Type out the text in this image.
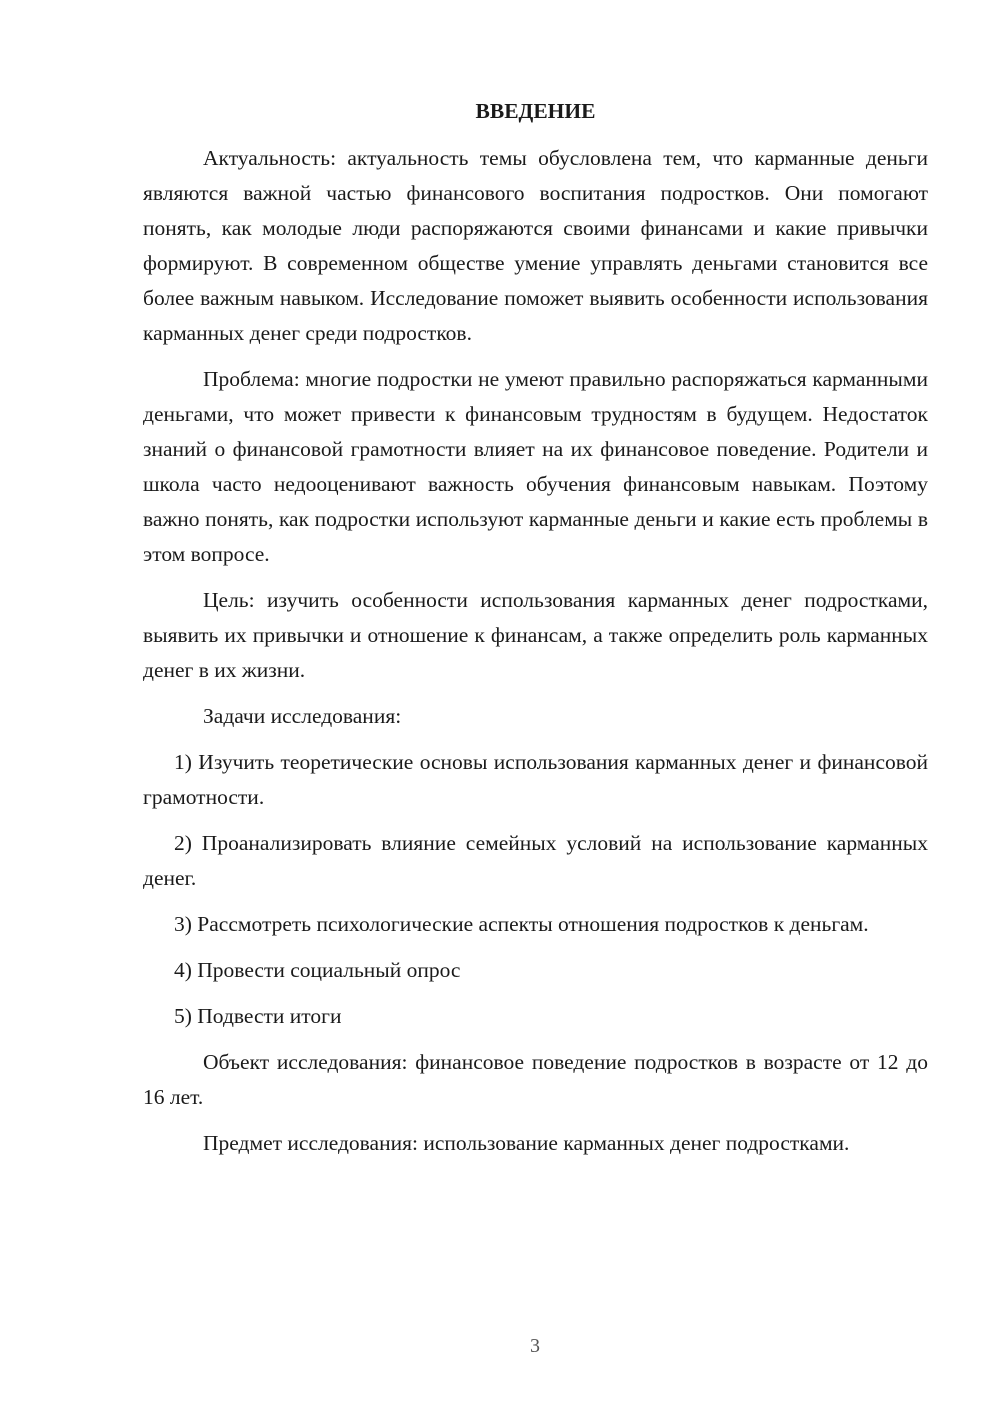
ВВЕДЕНИЕ

Актуальность: актуальность темы обусловлена тем, что карманные деньги являются важной частью финансового воспитания подростков. Они помогают понять, как молодые люди распоряжаются своими финансами и какие привычки формируют. В современном обществе умение управлять деньгами становится все более важным навыком. Исследование поможет выявить особенности использования карманных денег среди подростков.

Проблема: многие подростки не умеют правильно распоряжаться карманными деньгами, что может привести к финансовым трудностям в будущем. Недостаток знаний о финансовой грамотности влияет на их финансовое поведение. Родители и школа часто недооценивают важность обучения финансовым навыкам. Поэтому важно понять, как подростки используют карманные деньги и какие есть проблемы в этом вопросе.

Цель: изучить особенности использования карманных денег подростками, выявить их привычки и отношение к финансам, а также определить роль карманных денег в их жизни.

Задачи исследования:

1) Изучить теоретические основы использования карманных денег и финансовой грамотности.

2) Проанализировать влияние семейных условий на использование карманных денег.

3) Рассмотреть психологические аспекты отношения подростков к деньгам.

4) Провести социальный опрос

5) Подвести итоги

Объект исследования: финансовое поведение подростков в возрасте от 12 до 16 лет.

Предмет исследования: использование карманных денег подростками.

3
